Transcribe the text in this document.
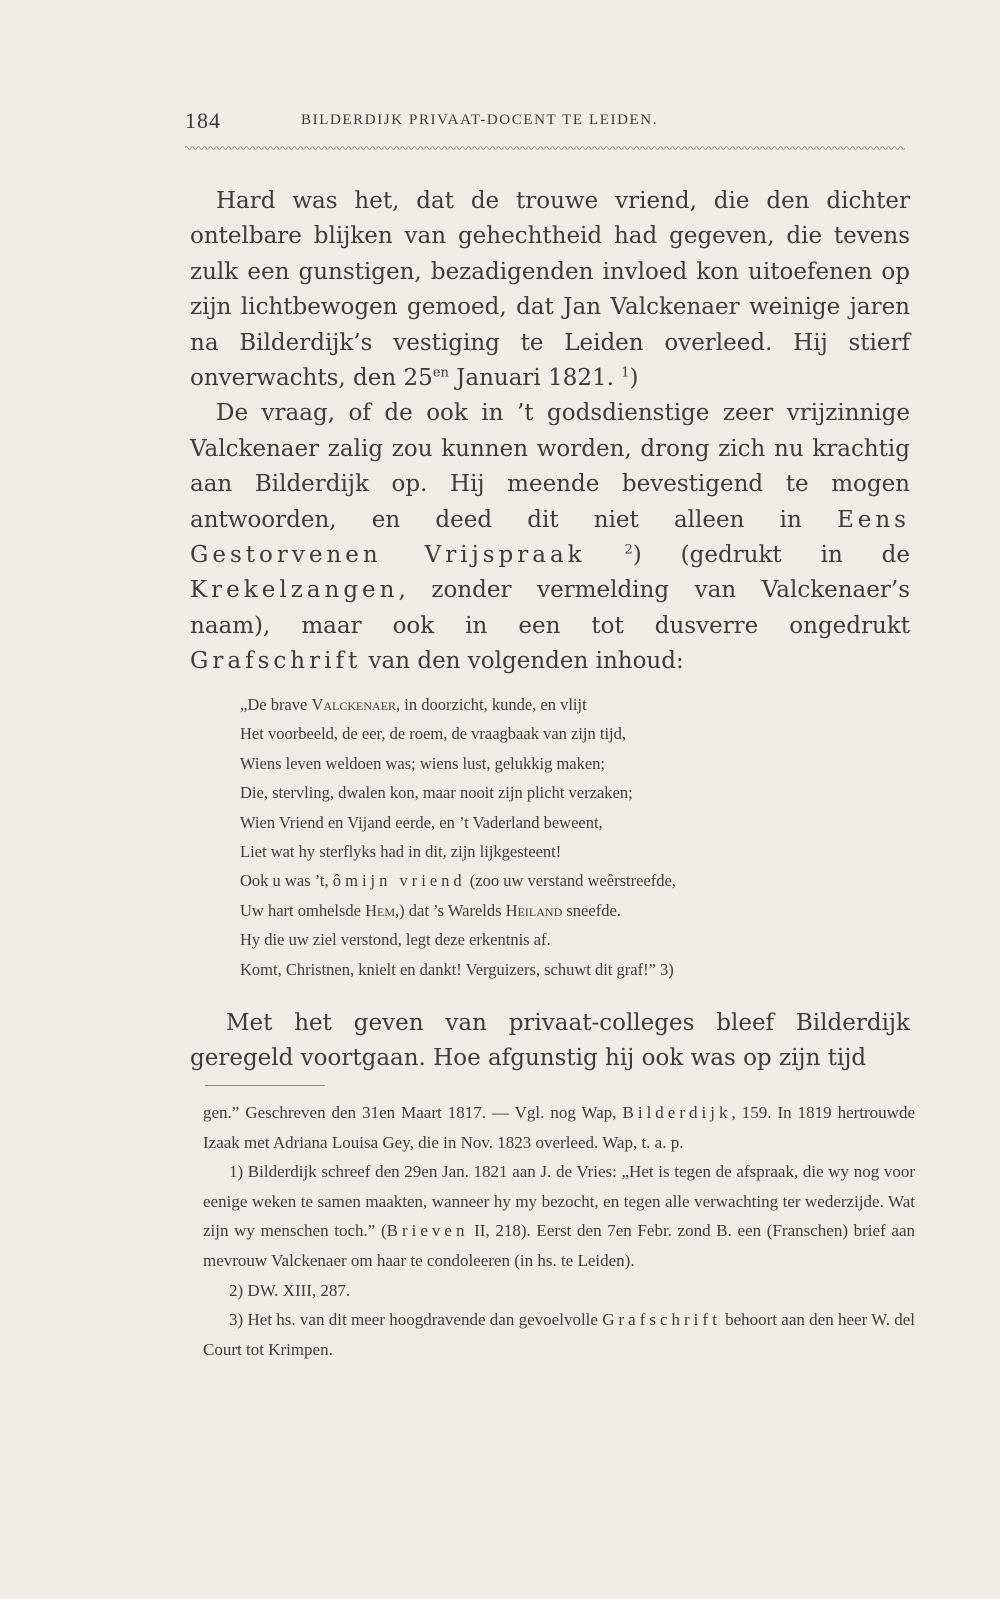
184	BILDERDIJK PRIVAAT-DOCENT TE LEIDEN.

Hard was het, dat de trouwe vriend, die den dichter ontelbare blijken van gehechtheid had gegeven, die tevens zulk een gunstigen, bezadigenden invloed kon uitoefenen op zijn lichtbewogen gemoed, dat Jan Valckenaer weinige jaren na Bilderdijk’s vestiging te Leiden overleed. Hij stierf onverwachts, den $25^{en}$ Januari 1821. $^1$)
De vraag, of de ook in ’t godsdienstige zeer vrijzinnige Valckenaer zalig zou kunnen worden, drong zich nu krachtig aan Bilderdijk op. Hij meende bevestigend te mogen antwoorden, en deed dit niet alleen in Eens Gestorvenen Vrijspraak	$^2$) (gedrukt in de Krekelzangen, zonder vermelding van Valckenaer’s naam), maar ook in een tot dusverre ongedrukt Grafschrift van den volgenden inhoud:

„De brave Valckenaer, in doorzicht, kunde, en vlijt
Het voorbeeld, de eer, de roem, de vraagbaak van zijn tijd,
Wiens leven weldoen was; wiens lust, gelukkig maken;
Die, stervling, dwalen kon, maar nooit zijn plicht verzaken;
Wien Vriend en Vijand eerde, en ’t Vaderland beweent,
Liet wat hy sterflyks had in dit, zijn lijkgesteent!
Ook u was ’t, ô mijn vriend (zoo uw verstand weêrstreefde,
Uw hart omhelsde Hem,) dat ’s Warelds Heiland sneefde.
Hy die uw ziel verstond, legt deze erkentnis af.
Komt, Christnen, knielt en dankt! Verguizers, schuwt dit graf!” 3)

Met het geven van privaat-colleges bleef Bilderdijk geregeld voortgaan. Hoe afgunstig hij ook was op zijn tijd

gen.” Geschreven den 31en Maart 1817. — Vgl. nog Wap, Bilderdijk, 159. In 1819 hertrouwde Izaak met Adriana Louisa Gey, die in Nov. 1823 overleed. Wap, t. a. p.

1) Bilderdijk schreef den 29en Jan. 1821 aan J. de Vries: „Het is tegen de afspraak, die wy nog voor eenige weken te samen maakten, wanneer hy my bezocht, en tegen alle verwachting ter wederzijde. Wat zijn wy menschen toch.” (Brieven II, 218). Eerst den 7en Febr. zond B. een (Franschen) brief aan mevrouw Valckenaer om haar te condoleeren (in hs. te Leiden).

2) DW. XIII, 287.

3) Het hs. van dit meer hoogdravende dan gevoelvolle Grafschrift behoort aan den heer W. del Court tot Krimpen.
